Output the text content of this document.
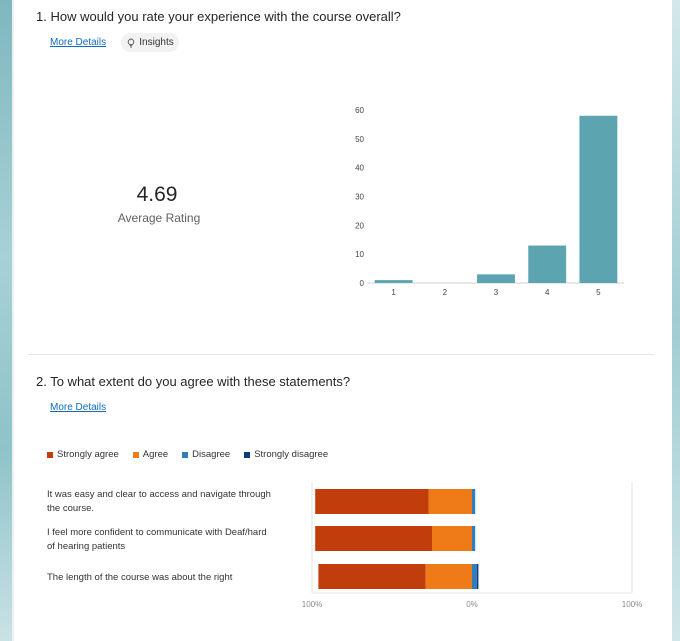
1. How would you rate your experience with the course overall?
More Details	Insights
4.69
Average Rating
0
10
20
30
40
50
60
1	2	3	4	5
2. To what extent do you agree with these statements?
More Details
Strongly agree	Agree	Disagree	Strongly disagree
It was easy and clear to access and navigate through the course.
I feel more confident to communicate with Deaf/hard of hearing patients
The length of the course was about the right
100%	0%	100%
